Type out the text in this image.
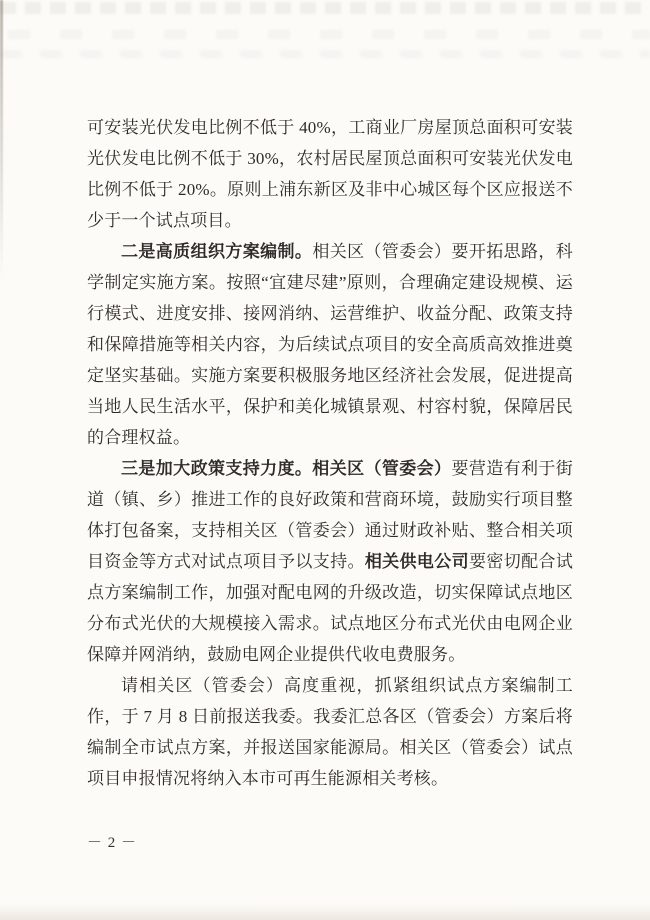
可安装光伏发电比例不低于 40%，工商业厂房屋顶总面积可安装光伏发电比例不低于 30%，农村居民屋顶总面积可安装光伏发电比例不低于 20%。原则上浦东新区及非中心城区每个区应报送不少于一个试点项目。

二是高质组织方案编制。相关区（管委会）要开拓思路，科学制定实施方案。按照“宜建尽建”原则，合理确定建设规模、运行模式、进度安排、接网消纳、运营维护、收益分配、政策支持和保障措施等相关内容，为后续试点项目的安全高质高效推进奠定坚实基础。实施方案要积极服务地区经济社会发展，促进提高当地人民生活水平，保护和美化城镇景观、村容村貌，保障居民的合理权益。

三是加大政策支持力度。相关区（管委会）要营造有利于街道（镇、乡）推进工作的良好政策和营商环境，鼓励实行项目整体打包备案，支持相关区（管委会）通过财政补贴、整合相关项目资金等方式对试点项目予以支持。相关供电公司要密切配合试点方案编制工作，加强对配电网的升级改造，切实保障试点地区分布式光伏的大规模接入需求。试点地区分布式光伏由电网企业保障并网消纳，鼓励电网企业提供代收电费服务。

请相关区（管委会）高度重视，抓紧组织试点方案编制工作，于 7 月 8 日前报送我委。我委汇总各区（管委会）方案后将编制全市试点方案，并报送国家能源局。相关区（管委会）试点项目申报情况将纳入本市可再生能源相关考核。

－ 2 －
